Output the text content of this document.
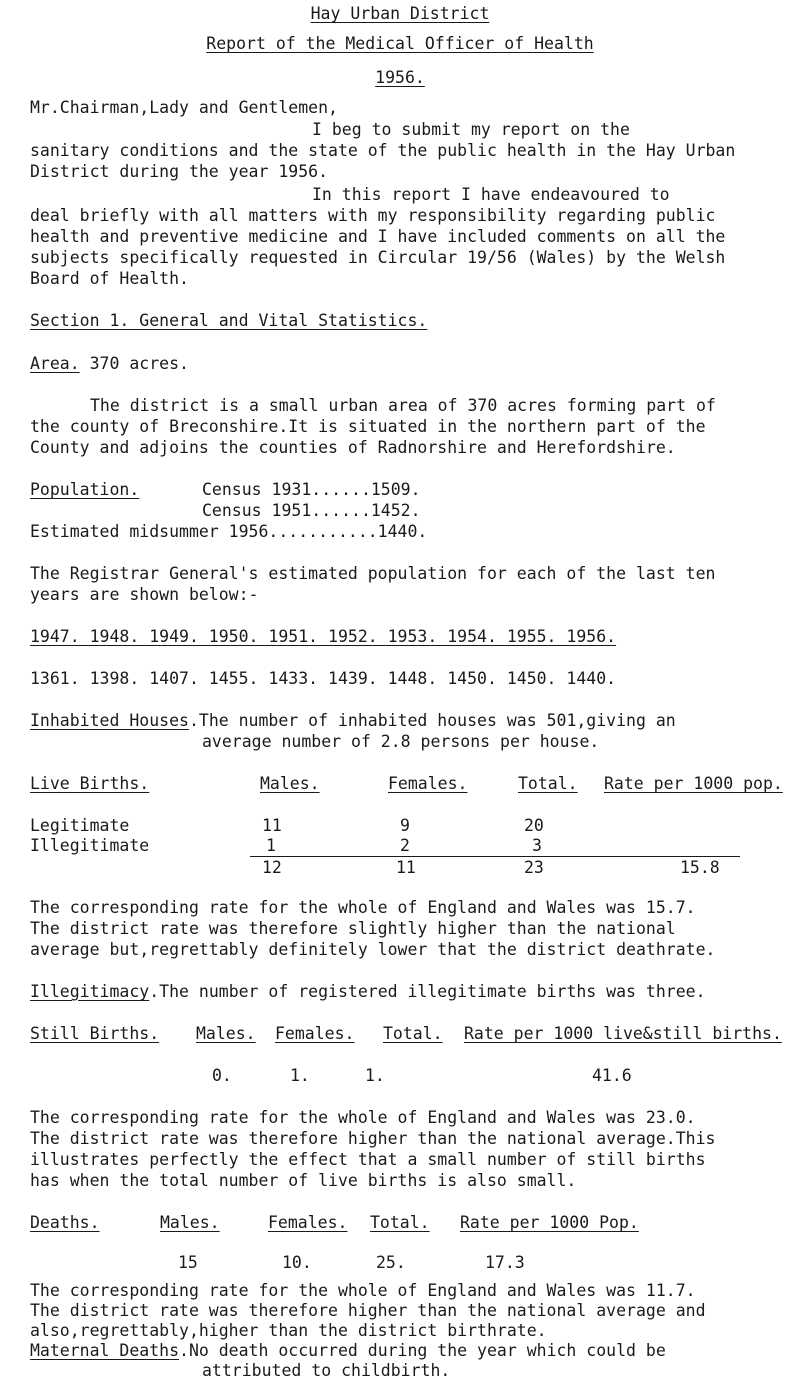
Hay Urban District
Report of the Medical Officer of Health
1956.
Mr.Chairman,Lady and Gentlemen,
I beg to submit my report on the
sanitary conditions and the state of the public health in the Hay Urban
District during the year 1956.
In this report I have endeavoured to
deal briefly with all matters with my responsibility regarding public
health and preventive medicine and I have included comments on all the
subjects specifically requested in Circular 19/56 (Wales) by the Welsh
Board of Health.
Section 1. General and Vital Statistics.
Area. 370 acres.
The district is a small urban area of 370 acres forming part of
the county of Breconshire.It is situated in the northern part of the
County and adjoins the counties of Radnorshire and Herefordshire.
Population.	Census 1931......1509.
Census 1951......1452.
Estimated midsummer 1956...........1440.
The Registrar General's estimated population for each of the last ten
years are shown below:-
1947. 1948. 1949. 1950. 1951. 1952. 1953. 1954. 1955. 1956.
1361. 1398. 1407. 1455. 1433. 1439. 1448. 1450. 1450. 1440.
Inhabited Houses.The number of inhabited houses was 501,giving an
average number of 2.8 persons per house.
Live Births.	Males.	Females.	Total. Rate per 1000 pop.
Legitimate	11	9	20
Illegitimate	1	2	3
12	11	23	15.8
The corresponding rate for the whole of England and Wales was 15.7.
The district rate was therefore slightly higher than the national
average but,regrettably definitely lower that the district deathrate.
Illegitimacy.The number of registered illegitimate births was three.
Still Births. Males. Females. Total. Rate per 1000 live&still births.
0.	1.	1.	41.6
The corresponding rate for the whole of England and Wales was 23.0.
The district rate was therefore higher than the national average.This
illustrates perfectly the effect that a small number of still births
has when the total number of live births is also small.
Deaths.	Males.	Females. Total. Rate per 1000 Pop.
15	10.	25.	17.3
The corresponding rate for the whole of England and Wales was 11.7.
The district rate was therefore higher than the national average and
also,regrettably,higher than the district birthrate.
Maternal Deaths.No death occurred during the year which could be
attributed to childbirth.
